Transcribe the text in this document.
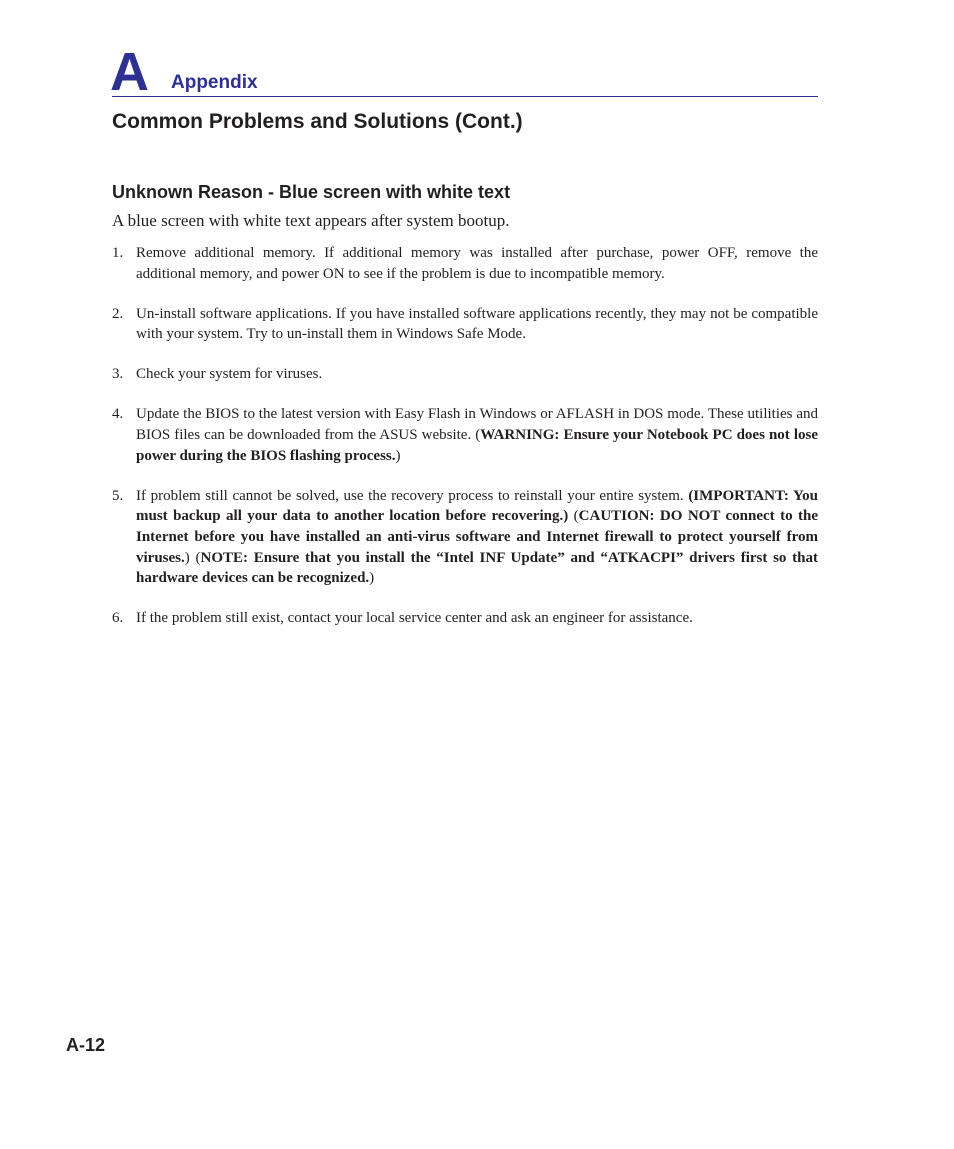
A Appendix
Common Problems and Solutions (Cont.)
Unknown Reason - Blue screen with white text

A blue screen with white text appears after system bootup.

1. Remove additional memory. If additional memory was installed after purchase, power OFF, remove the additional memory, and power ON to see if the problem is due to incompatible memory.
2. Un-install software applications. If you have installed software applications recently, they may not be compatible with your system. Try to un-install them in Windows Safe Mode.
3. Check your system for viruses.
4. Update the BIOS to the latest version with Easy Flash in Windows or AFLASH in DOS mode. These utilities and BIOS files can be downloaded from the ASUS website. (WARNING: Ensure your Notebook PC does not lose power during the BIOS flashing process.)
5. If problem still cannot be solved, use the recovery process to reinstall your entire system. (IMPORTANT: You must backup all your data to another location before recovering.) (CAUTION: DO NOT connect to the Internet before you have installed an anti-virus software and Internet firewall to protect yourself from viruses.) (NOTE: Ensure that you install the “Intel INF Update” and “ATKACPI” drivers first so that hardware devices can be recognized.)
6. If the problem still exist, contact your local service center and ask an engineer for assistance.
A-12
